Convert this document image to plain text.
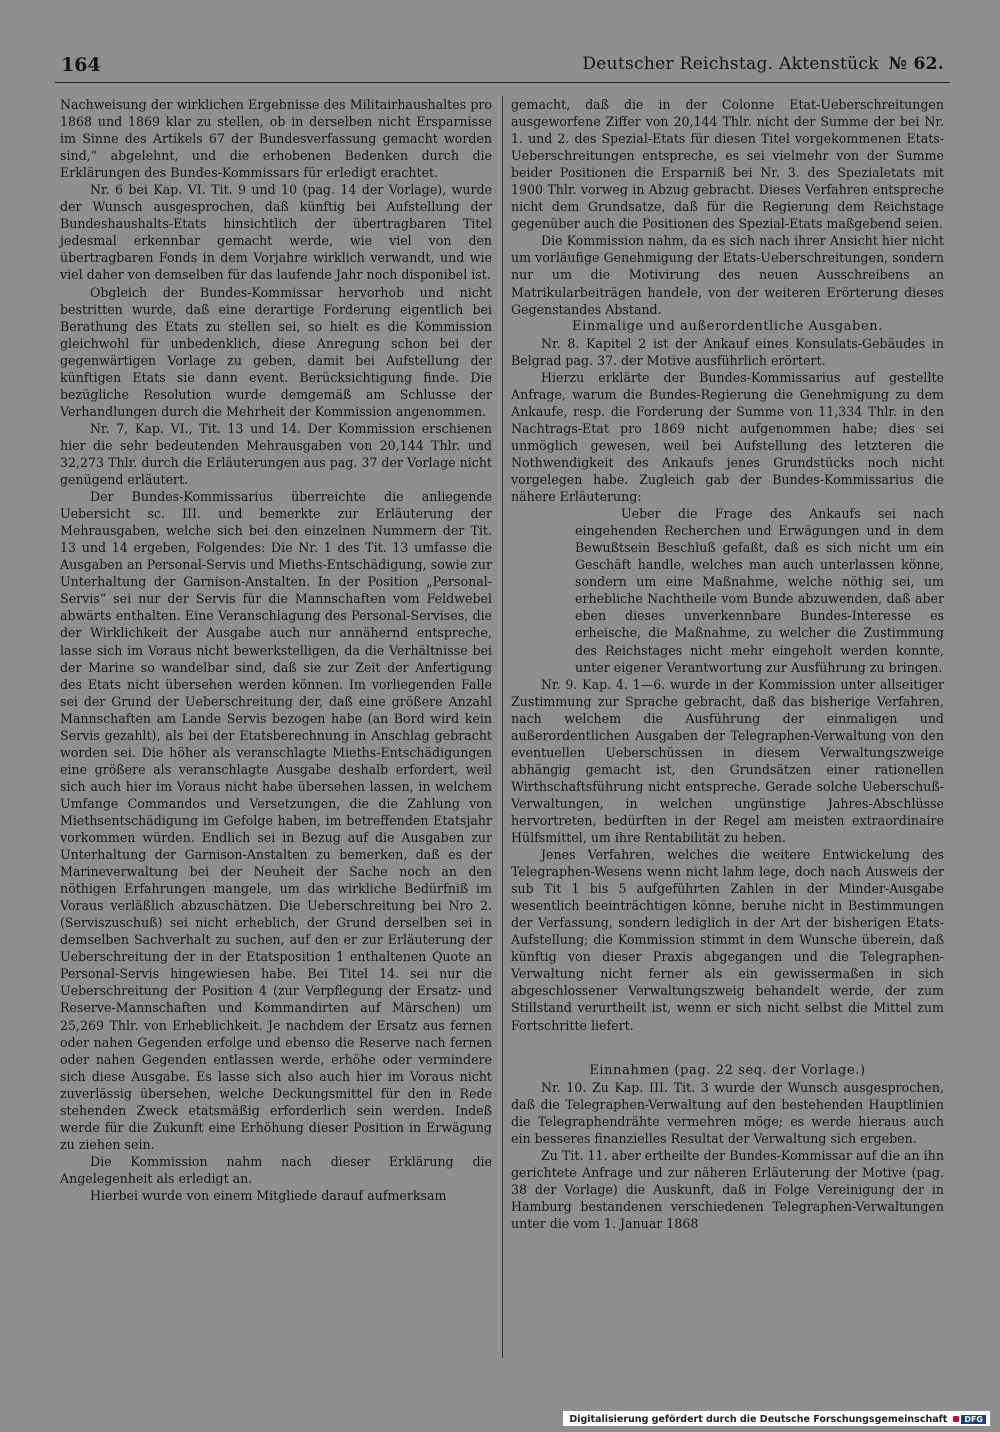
164	Deutscher Reichstag. Aktenstück № 62.

Nachweisung der wirklichen Ergebnisse des Militairhaushaltes pro 1868 und 1869 klar zu stellen, ob in derselben nicht Ersparnisse im Sinne des Artikels 67 der Bundesverfassung gemacht worden sind,“ abgelehnt, und die erhobenen Bedenken durch die Erklärungen des Bundes-Kommissars für erledigt erachtet.

Nr. 6 bei Kap. VI. Tit. 9 und 10 (pag. 14 der Vorlage), wurde der Wunsch ausgesprochen, daß künftig bei Aufstellung der Bundeshaushalts-Etats hinsichtlich der übertragbaren Titel jedesmal erkennbar gemacht werde, wie viel von den übertragbaren Fonds in dem Vorjahre wirklich verwandt, und wie viel daher von demselben für das laufende Jahr noch disponibel ist.

Obgleich der Bundes-Kommissar hervorhob und nicht bestritten wurde, daß eine derartige Forderung eigentlich bei Berathung des Etats zu stellen sei, so hielt es die Kommission gleichwohl für unbedenklich, diese Anregung schon bei der gegenwärtigen Vorlage zu geben, damit bei Aufstellung der künftigen Etats sie dann event. Berücksichtigung finde. Die bezügliche Resolution wurde demgemäß am Schlusse der Verhandlungen durch die Mehrheit der Kommission angenommen.

Nr. 7, Kap. VI., Tit. 13 und 14. Der Kommission erschienen hier die sehr bedeutenden Mehrausgaben von 20,144 Thlr. und 32,273 Thlr. durch die Erläuterungen aus pag. 37 der Vorlage nicht genügend erläutert.

Der Bundes-Kommissarius überreichte die anliegende Uebersicht sc. III. und bemerkte zur Erläuterung der Mehrausgaben, welche sich bei den einzelnen Nummern der Tit. 13 und 14 ergeben, Folgendes: Die Nr. 1 des Tit. 13 umfasse die Ausgaben an Personal-Servis und Mieths-Entschädigung, sowie zur Unterhaltung der Garnison-Anstalten. In der Position „Personal-Servis“ sei nur der Servis für die Mannschaften vom Feldwebel abwärts enthalten. Eine Veranschlagung des Personal-Servises, die der Wirklichkeit der Ausgabe auch nur annähernd entspreche, lasse sich im Voraus nicht bewerkstelligen, da die Verhältnisse bei der Marine so wandelbar sind, daß sie zur Zeit der Anfertigung des Etats nicht übersehen werden können. Im vorliegenden Falle sei der Grund der Ueberschreitung der, daß eine größere Anzahl Mannschaften am Lande Servis bezogen habe (an Bord wird kein Servis gezahlt), als bei der Etatsberechnung in Anschlag gebracht worden sei. Die höher als veranschlagte Mieths-Entschädigungen eine größere als veranschlagte Ausgabe deshalb erfordert, weil sich auch hier im Voraus nicht habe übersehen lassen, in welchem Umfange Commandos und Versetzungen, die die Zahlung von Miethsentschädigung im Gefolge haben, im betreffenden Etatsjahr vorkommen würden. Endlich sei in Bezug auf die Ausgaben zur Unterhaltung der Garnison-Anstalten zu bemerken, daß es der Marineverwaltung bei der Neuheit der Sache noch an den nöthigen Erfahrungen mangele, um das wirkliche Bedürfniß im Voraus verläßlich abzuschätzen. Die Ueberschreitung bei Nro 2. (Serviszuschuß) sei nicht erheblich, der Grund derselben sei in demselben Sachverhalt zu suchen, auf den er zur Erläuterung der Ueberschreitung der in der Etatsposition 1 enthaltenen Quote an Personal-Servis hingewiesen habe. Bei Titel 14. sei nur die Ueberschreitung der Position 4 (zur Verpflegung der Ersatz- und Reserve-Mannschaften und Kommandirten auf Märschen) um 25,269 Thlr. von Erheblichkeit. Je nachdem der Ersatz aus fernen oder nahen Gegenden erfolge und ebenso die Reserve nach fernen oder nahen Gegenden entlassen werde, erhöhe oder verminderе sich diese Ausgabe. Es lasse sich also auch hier im Voraus nicht zuverlässig übersehen, welche Deckungsmittel für den in Rede stehenden Zweck etatsmäßig erforderlich sein werden. Indeß werde für die Zukunft eine Erhöhung dieser Position in Erwägung zu ziehen sein.

Die Kommission nahm nach dieser Erklärung die Angelegenheit als erledigt an.

Hierbei wurde von einem Mitgliede darauf aufmerksam

gemacht, daß die in der Colonne Etat-Ueberschreitungen ausgeworfene Ziffer von 20,144 Thlr. nicht der Summe der bei Nr. 1. und 2. des Spezial-Etats für diesen Titel vorgekommenen Etats-Ueberschreitungen entspreche, es sei vielmehr von der Summe beider Positionen die Ersparniß bei Nr. 3. des Spezialetats mit 1900 Thlr. vorweg in Abzug gebracht. Dieses Verfahren entspreche nicht dem Grundsatze, daß für die Regierung dem Reichstage gegenüber auch die Positionen des Spezial-Etats maßgebend seien.

Die Kommission nahm, da es sich nach ihrer Ansicht hier nicht um vorläufige Genehmigung der Etats-Ueberschreitungen, sondern nur um die Motivirung des neuen Ausschreibens an Matrikularbeiträgen handele, von der weiteren Erörterung dieses Gegenstandes Abstand.

Einmalige und außerordentliche Ausgaben.

Nr. 8. Kapitel 2 ist der Ankauf eines Konsulats-Gebäudes in Belgrad pag. 37. der Motive ausführlich erörtert.

Hierzu erklärte der Bundes-Kommissarius auf gestellte Anfrage, warum die Bundes-Regierung die Genehmigung zu dem Ankaufe, resp. die Forderung der Summe von 11,334 Thlr. in den Nachtrags-Etat pro 1869 nicht aufgenommen habe; dies sei unmöglich gewesen, weil bei Aufstellung des letzteren die Nothwendigkeit des Ankaufs jenes Grundstücks noch nicht vorgelegen habe. Zugleich gab der Bundes-Kommissarius die nähere Erläuterung:

Ueber die Frage des Ankaufs sei nach eingehenden Recherchen und Erwägungen und in dem Bewußtsein Beschluß gefaßt, daß es sich nicht um ein Geschäft handle, welches man auch unterlassen könne, sondern um eine Maßnahme, welche nöthig sei, um erhebliche Nachtheile vom Bunde abzuwenden, daß aber eben dieses unverkennbare Bundes-Interesse es erheische, die Maßnahme, zu welcher die Zustimmung des Reichstages nicht mehr eingeholt werden konnte, unter eigener Verantwortung zur Ausführung zu bringen.

Nr. 9. Kap. 4. 1—6. wurde in der Kommission unter allseitiger Zustimmung zur Sprache gebracht, daß das bisherige Verfahren, nach welchem die Ausführung der einmaligen und außerordentlichen Ausgaben der Telegraphen-Verwaltung von den eventuellen Ueberschüssen in diesem Verwaltungszweige abhängig gemacht ist, den Grundsätzen einer rationellen Wirthschaftsführung nicht entspreche. Gerade solche Ueberschuß-Verwaltungen, in welchen ungünstige Jahres-Abschlüsse hervortreten, bedürften in der Regel am meisten extraordinaire Hülfsmittel, um ihre Rentabilität zu heben.

Jenes Verfahren, welches die weitere Entwickelung des Telegraphen-Wesens wenn nicht lahm lege, doch nach Ausweis der sub Tit 1 bis 5 aufgeführten Zahlen in der Minder-Ausgabe wesentlich beeinträchtigen könne, beruhe nicht in Bestimmungen der Verfassung, sondern lediglich in der Art der bisherigen Etats-Aufstellung; die Kommission stimmt in dem Wunsche überein, daß künftig von dieser Praxis abgegangen und die Telegraphen-Verwaltung nicht ferner als ein gewissermaßen in sich abgeschlossener Verwaltungszweig behandelt werde, der zum Stillstand verurtheilt ist, wenn er sich nicht selbst die Mittel zum Fortschritte liefert.

Einnahmen (pag. 22 seq. der Vorlage.)

Nr. 10. Zu Kap. III. Tit. 3 wurde der Wunsch ausgesprochen, daß die Telegraphen-Verwaltung auf den bestehenden Hauptlinien die Telegraphendrähte vermehren möge; es werde hieraus auch ein besseres finanzielles Resultat der Verwaltung sich ergeben.

Zu Tit. 11. aber ertheilte der Bundes-Kommissar auf die an ihn gerichtete Anfrage und zur näheren Erläuterung der Motive (pag. 38 der Vorlage) die Auskunft, daß in Folge Vereinigung der in Hamburg bestandenen verschiedenen Telegraphen-Verwaltungen unter die vom 1. Januar 1868

Digitalisierung gefördert durch die Deutsche Forschungsgemeinschaft	DFG
